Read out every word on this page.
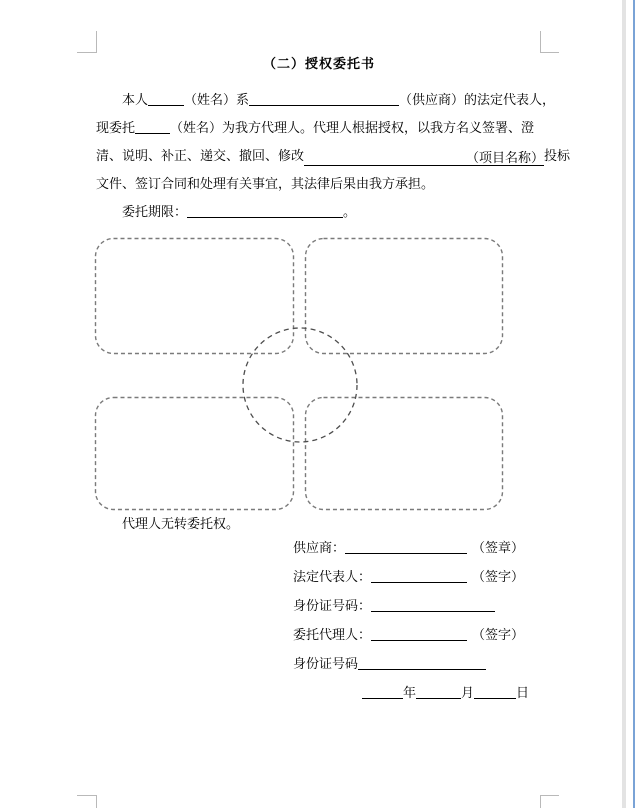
（二）授权委托书
本人	（姓名）系	（供应商）的法定代表人，
现委托	（姓名）为我方代理人。代理人根据授权，以我方名义签署、澄
清、说明、补正、递交、撤回、修改	（项目名称）投标
文件、签订合同和处理有关事宜，其法律后果由我方承担。
委托期限：	。
代理人无转委托权。
供应商：	（签章）
法定代表人：	（签字）
身份证号码：
委托代理人：	（签字）
身份证号码
年	月	日
